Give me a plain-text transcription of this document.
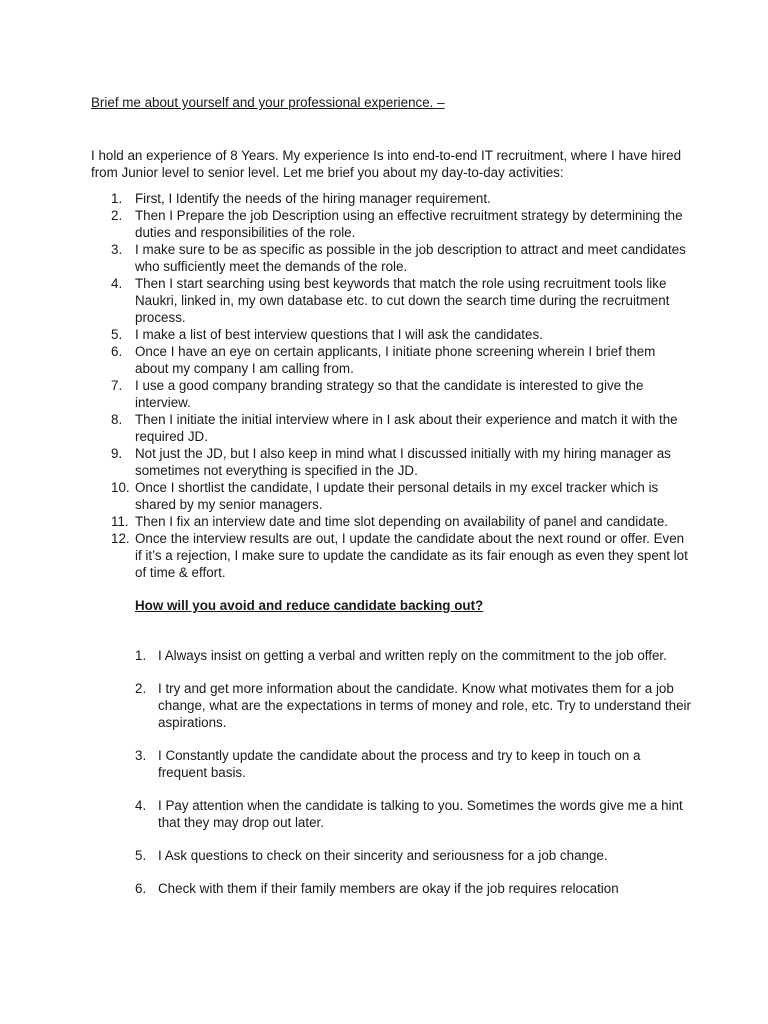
Brief me about yourself and your professional experience. –
I hold an experience of 8 Years. My experience Is into end-to-end IT recruitment, where I have hired from Junior level to senior level. Let me brief you about my day-to-day activities:
1. First, I Identify the needs of the hiring manager requirement.
2. Then I Prepare the job Description using an effective recruitment strategy by determining the duties and responsibilities of the role.
3. I make sure to be as specific as possible in the job description to attract and meet candidates who sufficiently meet the demands of the role.
4. Then I start searching using best keywords that match the role using recruitment tools like Naukri, linked in, my own database etc. to cut down the search time during the recruitment process.
5. I make a list of best interview questions that I will ask the candidates.
6. Once I have an eye on certain applicants, I initiate phone screening wherein I brief them about my company I am calling from.
7. I use a good company branding strategy so that the candidate is interested to give the interview.
8. Then I initiate the initial interview where in I ask about their experience and match it with the required JD.
9. Not just the JD, but I also keep in mind what I discussed initially with my hiring manager as sometimes not everything is specified in the JD.
10. Once I shortlist the candidate, I update their personal details in my excel tracker which is shared by my senior managers.
11. Then I fix an interview date and time slot depending on availability of panel and candidate.
12. Once the interview results are out, I update the candidate about the next round or offer. Even if it’s a rejection, I make sure to update the candidate as its fair enough as even they spent lot of time & effort.
How will you avoid and reduce candidate backing out?
1. I Always insist on getting a verbal and written reply on the commitment to the job offer.
2. I try and get more information about the candidate. Know what motivates them for a job change, what are the expectations in terms of money and role, etc. Try to understand their aspirations.
3. I Constantly update the candidate about the process and try to keep in touch on a frequent basis.
4. I Pay attention when the candidate is talking to you. Sometimes the words give me a hint that they may drop out later.
5. I Ask questions to check on their sincerity and seriousness for a job change.
6. Check with them if their family members are okay if the job requires relocation
